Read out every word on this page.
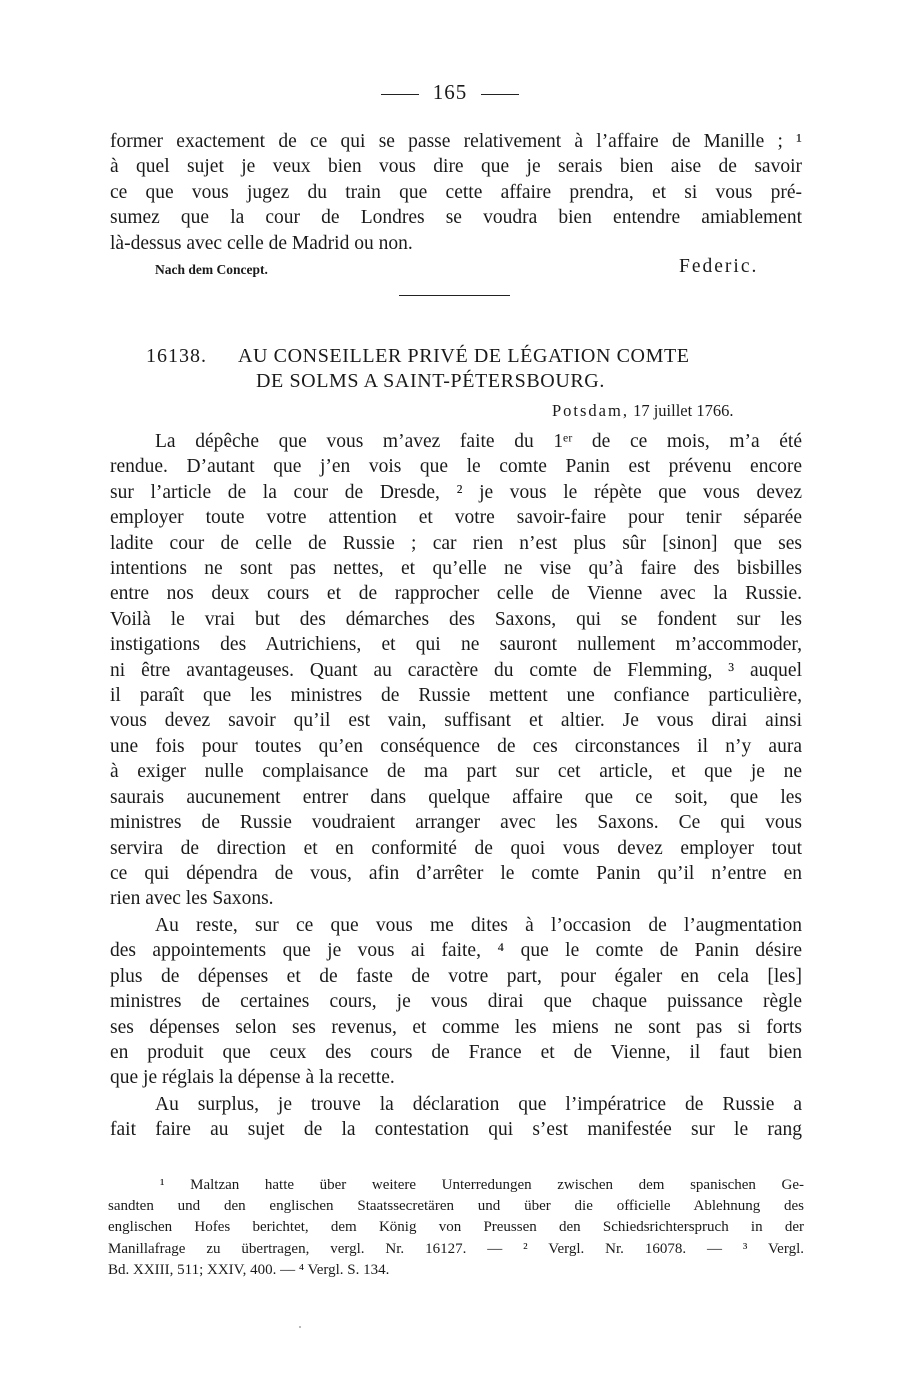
165
former exactement de ce qui se passe relativement à l’affaire de Manille ; ¹
à quel sujet je veux bien vous dire que je serais bien aise de savoir
ce que vous jugez du train que cette affaire prendra, et si vous pré-
sumez que la cour de Londres se voudra bien entendre amiablement
là-dessus avec celle de Madrid ou non.
Nach dem Concept.	Federic.
16138. AU CONSEILLER PRIVÉ DE LÉGATION COMTE
DE SOLMS A SAINT-PÉTERSBOURG.
Potsdam, 17 juillet 1766.
La dépêche que vous m’avez faite du 1ᵉʳ de ce mois, m’a été
rendue. D’autant que j’en vois que le comte Panin est prévenu encore
sur l’article de la cour de Dresde, ² je vous le répète que vous devez
employer toute votre attention et votre savoir-faire pour tenir séparée
ladite cour de celle de Russie ; car rien n’est plus sûr [sinon] que ses
intentions ne sont pas nettes, et qu’elle ne vise qu’à faire des bisbilles
entre nos deux cours et de rapprocher celle de Vienne avec la Russie.
Voilà le vrai but des démarches des Saxons, qui se fondent sur les
instigations des Autrichiens, et qui ne sauront nullement m’accommoder,
ni être avantageuses. Quant au caractère du comte de Flemming, ³ auquel
il paraît que les ministres de Russie mettent une confiance particulière,
vous devez savoir qu’il est vain, suffisant et altier. Je vous dirai ainsi
une fois pour toutes qu’en conséquence de ces circonstances il n’y aura
à exiger nulle complaisance de ma part sur cet article, et que je ne
saurais aucunement entrer dans quelque affaire que ce soit, que les
ministres de Russie voudraient arranger avec les Saxons. Ce qui vous
servira de direction et en conformité de quoi vous devez employer tout
ce qui dépendra de vous, afin d’arrêter le comte Panin qu’il n’entre en
rien avec les Saxons.
Au reste, sur ce que vous me dites à l’occasion de l’augmentation
des appointements que je vous ai faite, ⁴ que le comte de Panin désire
plus de dépenses et de faste de votre part, pour égaler en cela [les]
ministres de certaines cours, je vous dirai que chaque puissance règle
ses dépenses selon ses revenus, et comme les miens ne sont pas si forts
en produit que ceux des cours de France et de Vienne, il faut bien
que je réglais la dépense à la recette.
Au surplus, je trouve la déclaration que l’impératrice de Russie a
fait faire au sujet de la contestation qui s’est manifestée sur le rang
¹ Maltzan hatte über weitere Unterredungen zwischen dem spanischen Ge-
sandten und den englischen Staatssecretären und über die officielle Ablehnung des
englischen Hofes berichtet, dem König von Preussen den Schiedsrichterspruch in der
Manillafrage zu übertragen, vergl. Nr. 16127. — ² Vergl. Nr. 16078. — ³ Vergl.
Bd. XXIII, 511; XXIV, 400. — ⁴ Vergl. S. 134.
